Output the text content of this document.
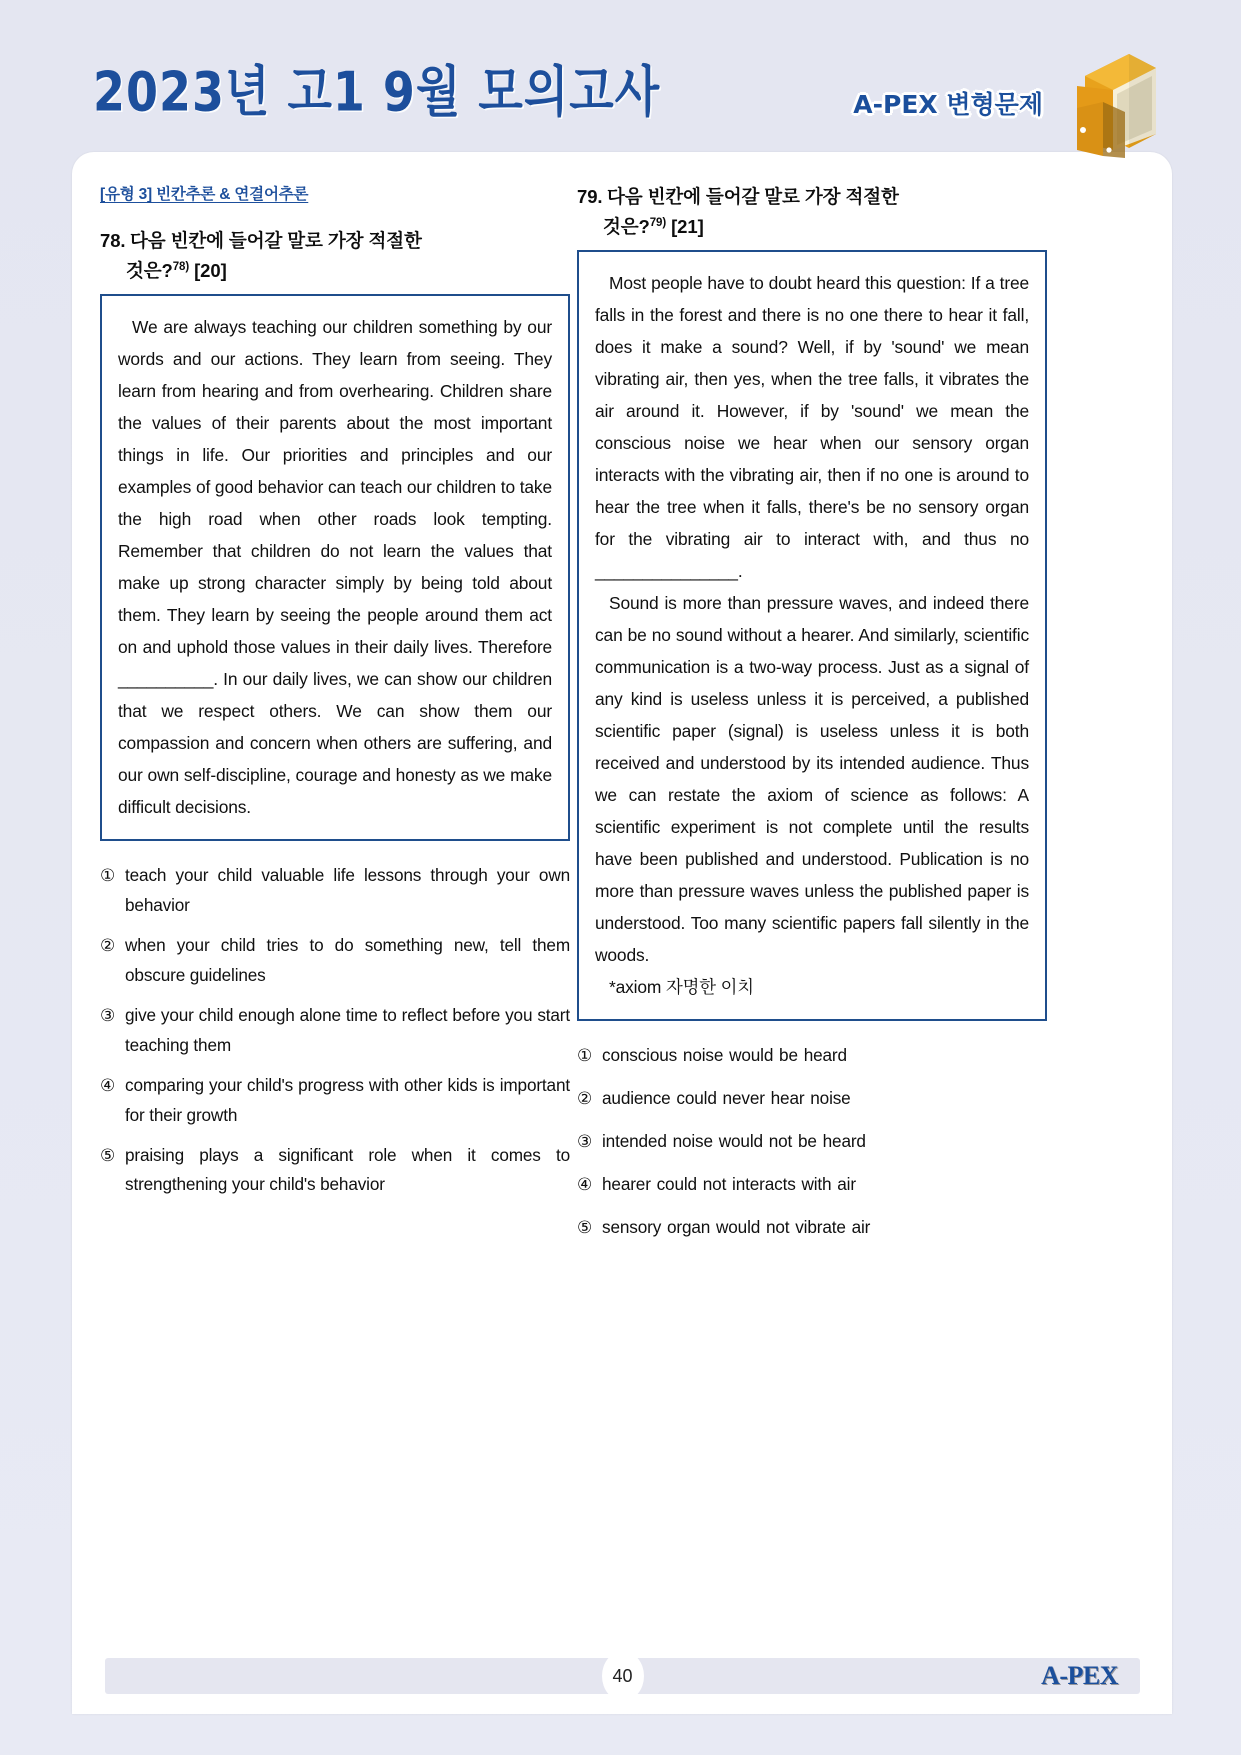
2023년 고1 9월 모의고사	A-PEX 변형문제
[유형 3] 빈칸추론 & 연결어추론
78. 다음 빈칸에 들어갈 말로 가장 적절한
것은?$^{78)}$ [20]

We are always teaching our children something by our words and our actions. They learn from seeing. They learn from hearing and from overhearing. Children share the values of their parents about the most important things in life. Our priorities and principles and our examples of good behavior can teach our children to take the high road when other roads look tempting. Remember that children do not learn the values that make up strong character simply by being told about them. They learn by seeing the people around them act on and uphold those values in their daily lives. Therefore __________. In our daily lives, we can show our children that we respect others. We can show them our compassion and concern when others are suffering, and our own self-discipline, courage and honesty as we make difficult decisions.

① teach your child valuable life lessons through your own behavior
② when your child tries to do something new, tell them obscure guidelines
③ give your child enough alone time to reflect before you start teaching them
④ comparing your child's progress with other kids is important for their growth
⑤ praising plays a significant role when it comes to strengthening your child's behavior
79. 다음 빈칸에 들어갈 말로 가장 적절한
것은?$^{79)}$ [21]

Most people have to doubt heard this question: If a tree falls in the forest and there is no one there to hear it fall, does it make a sound? Well, if by 'sound' we mean vibrating air, then yes, when the tree falls, it vibrates the air around it. However, if by 'sound' we mean the conscious noise we hear when our sensory organ interacts with the vibrating air, then if no one is around to hear the tree when it falls, there's be no sensory organ for the vibrating air to interact with, and thus no _______________.

Sound is more than pressure waves, and indeed there can be no sound without a hearer. And similarly, scientific communication is a two-way process. Just as a signal of any kind is useless unless it is perceived, a published scientific paper (signal) is useless unless it is both received and understood by its intended audience. Thus we can restate the axiom of science as follows: A scientific experiment is not complete until the results have been published and understood. Publication is no more than pressure waves unless the published paper is understood. Too many scientific papers fall silently in the woods.

*axiom 자명한 이치

① conscious noise would be heard
② audience could never hear noise
③ intended noise would not be heard
④ hearer could not interacts with air
⑤ sensory organ would not vibrate air
40	A-PEX
